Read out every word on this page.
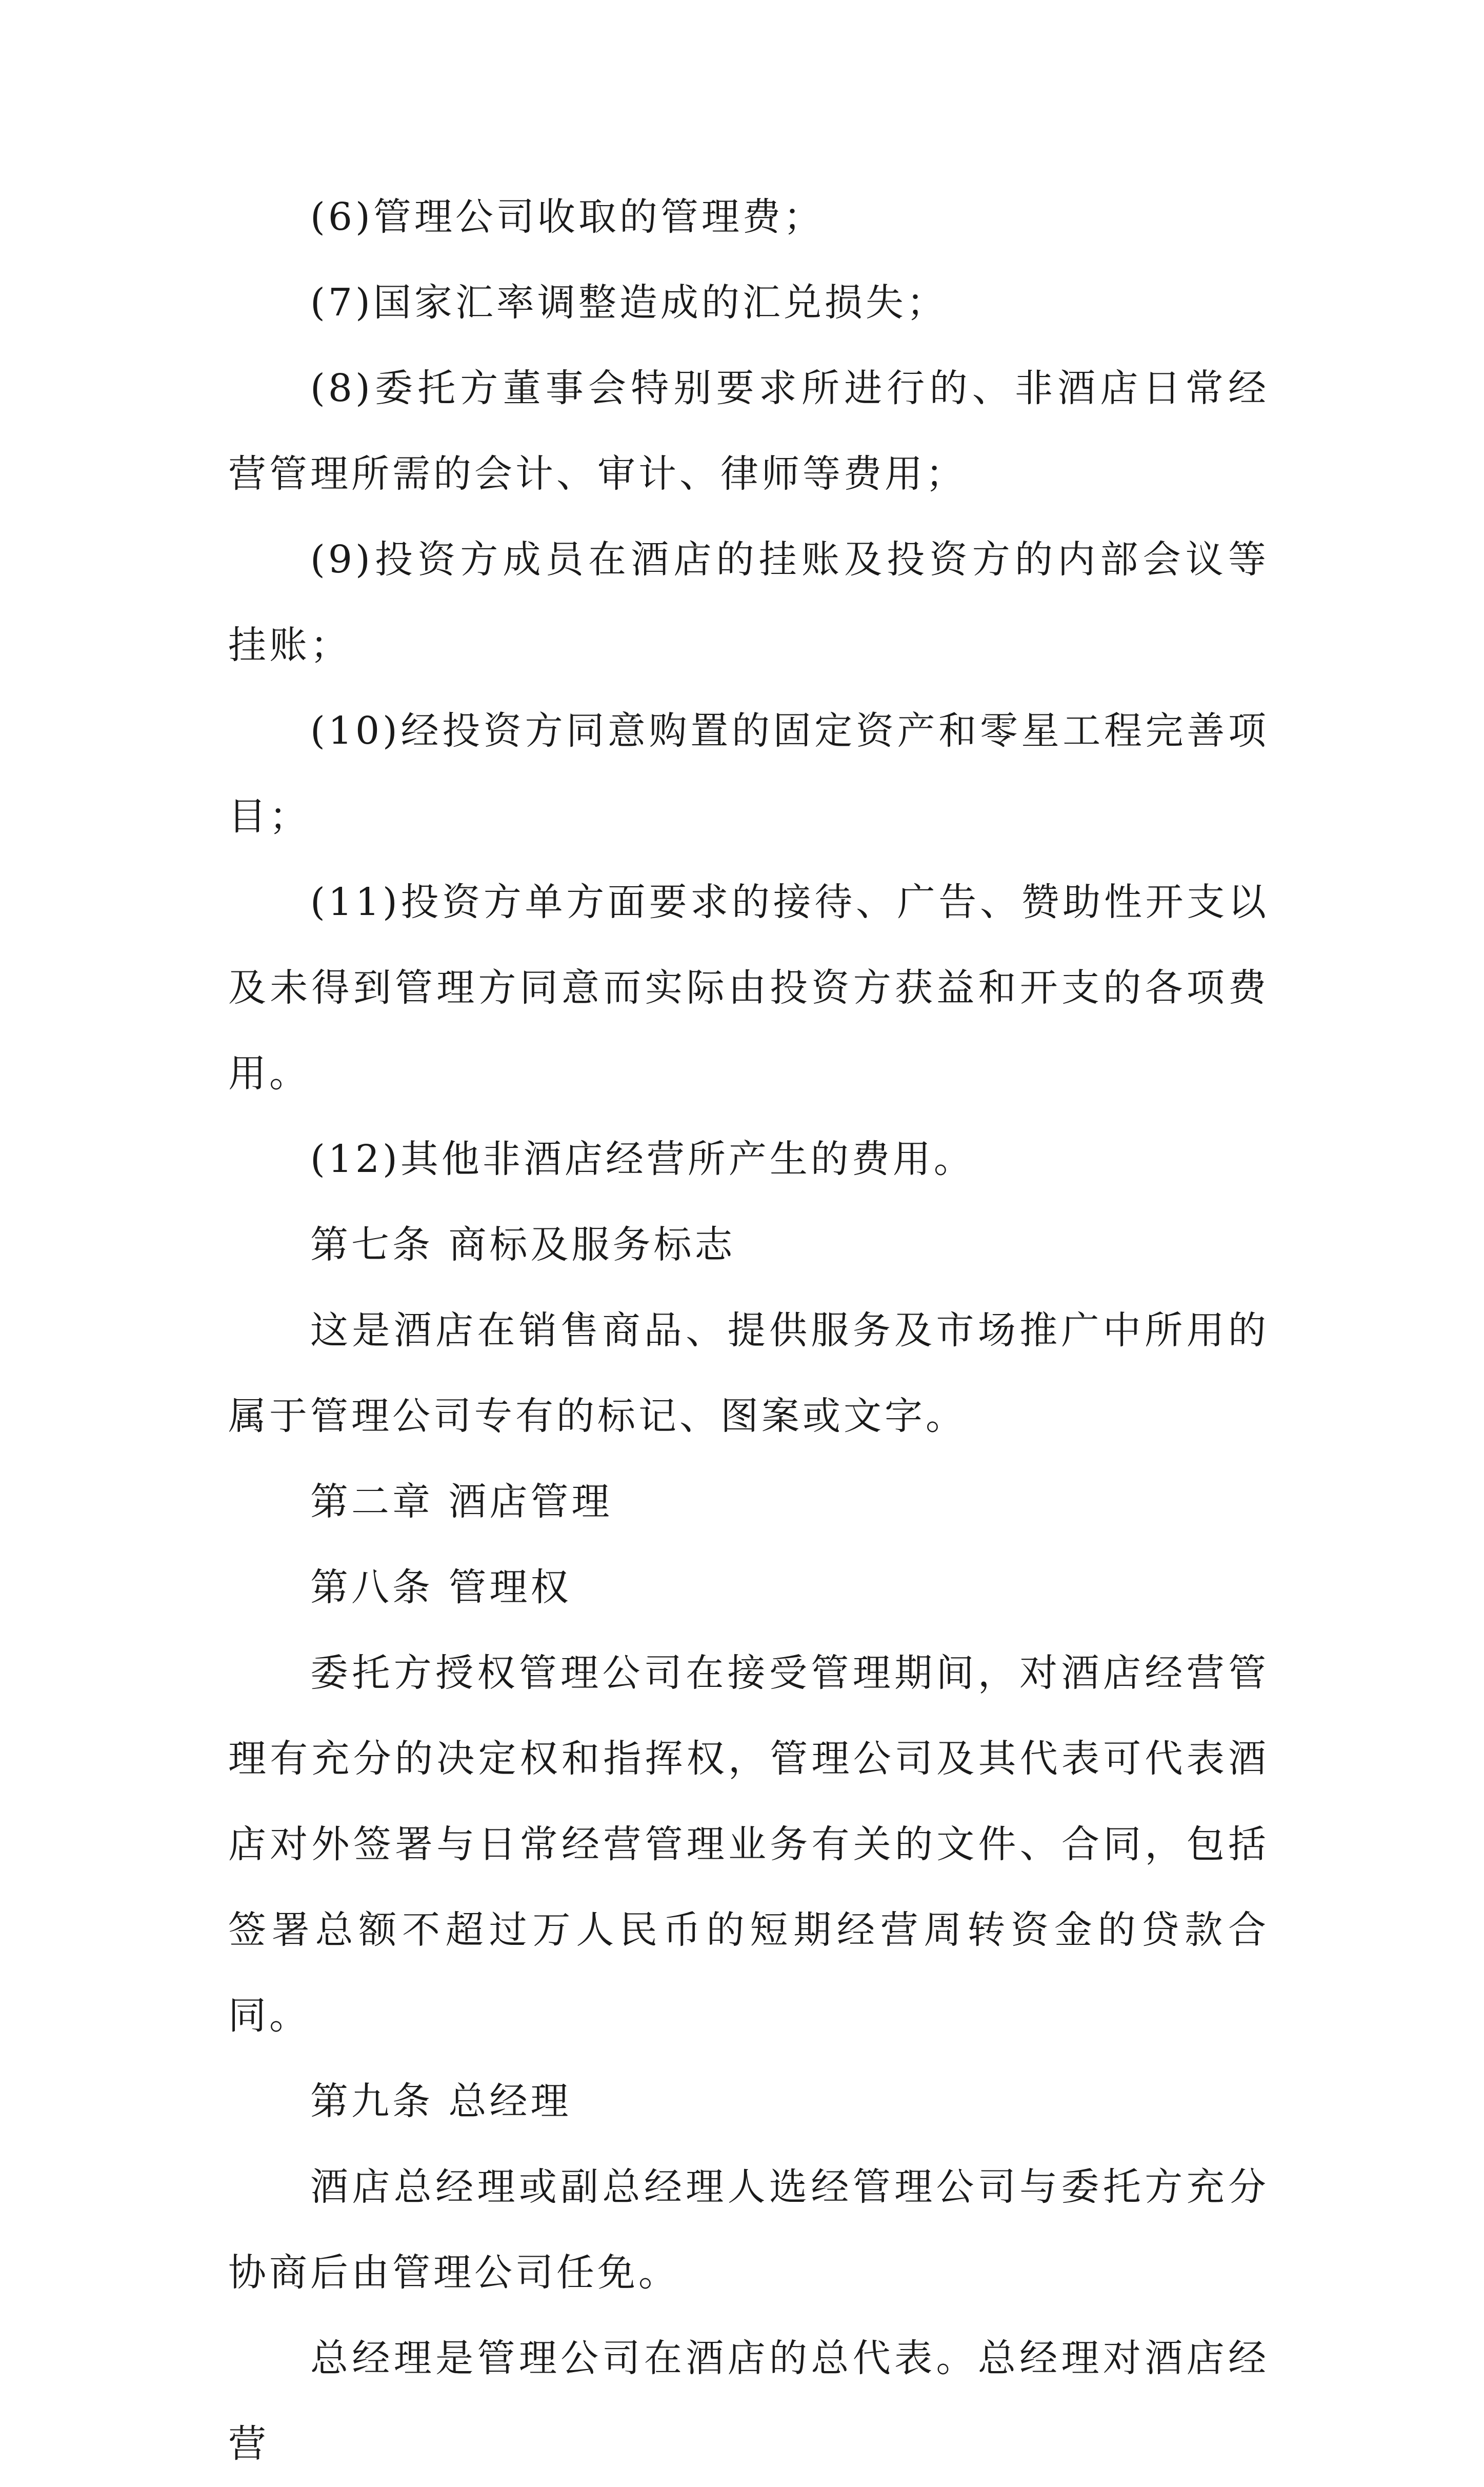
(6)管理公司收取的管理费；

(7)国家汇率调整造成的汇兑损失；

(8)委托方董事会特别要求所进行的、非酒店日常经营管理所需的会计、审计、律师等费用；

(9)投资方成员在酒店的挂账及投资方的内部会议等挂账；

(10)经投资方同意购置的固定资产和零星工程完善项目；

(11)投资方单方面要求的接待、广告、赞助性开支以及未得到管理方同意而实际由投资方获益和开支的各项费用。

(12)其他非酒店经营所产生的费用。

第七条 商标及服务标志

这是酒店在销售商品、提供服务及市场推广中所用的属于管理公司专有的标记、图案或文字。

第二章 酒店管理

第八条 管理权

委托方授权管理公司在接受管理期间，对酒店经营管理有充分的决定权和指挥权，管理公司及其代表可代表酒店对外签署与日常经营管理业务有关的文件、合同，包括签署总额不超过万人民币的短期经营周转资金的贷款合同。

第九条 总经理

酒店总经理或副总经理人选经管理公司与委托方充分协商后由管理公司任免。

总经理是管理公司在酒店的总代表。总经理对酒店经营
